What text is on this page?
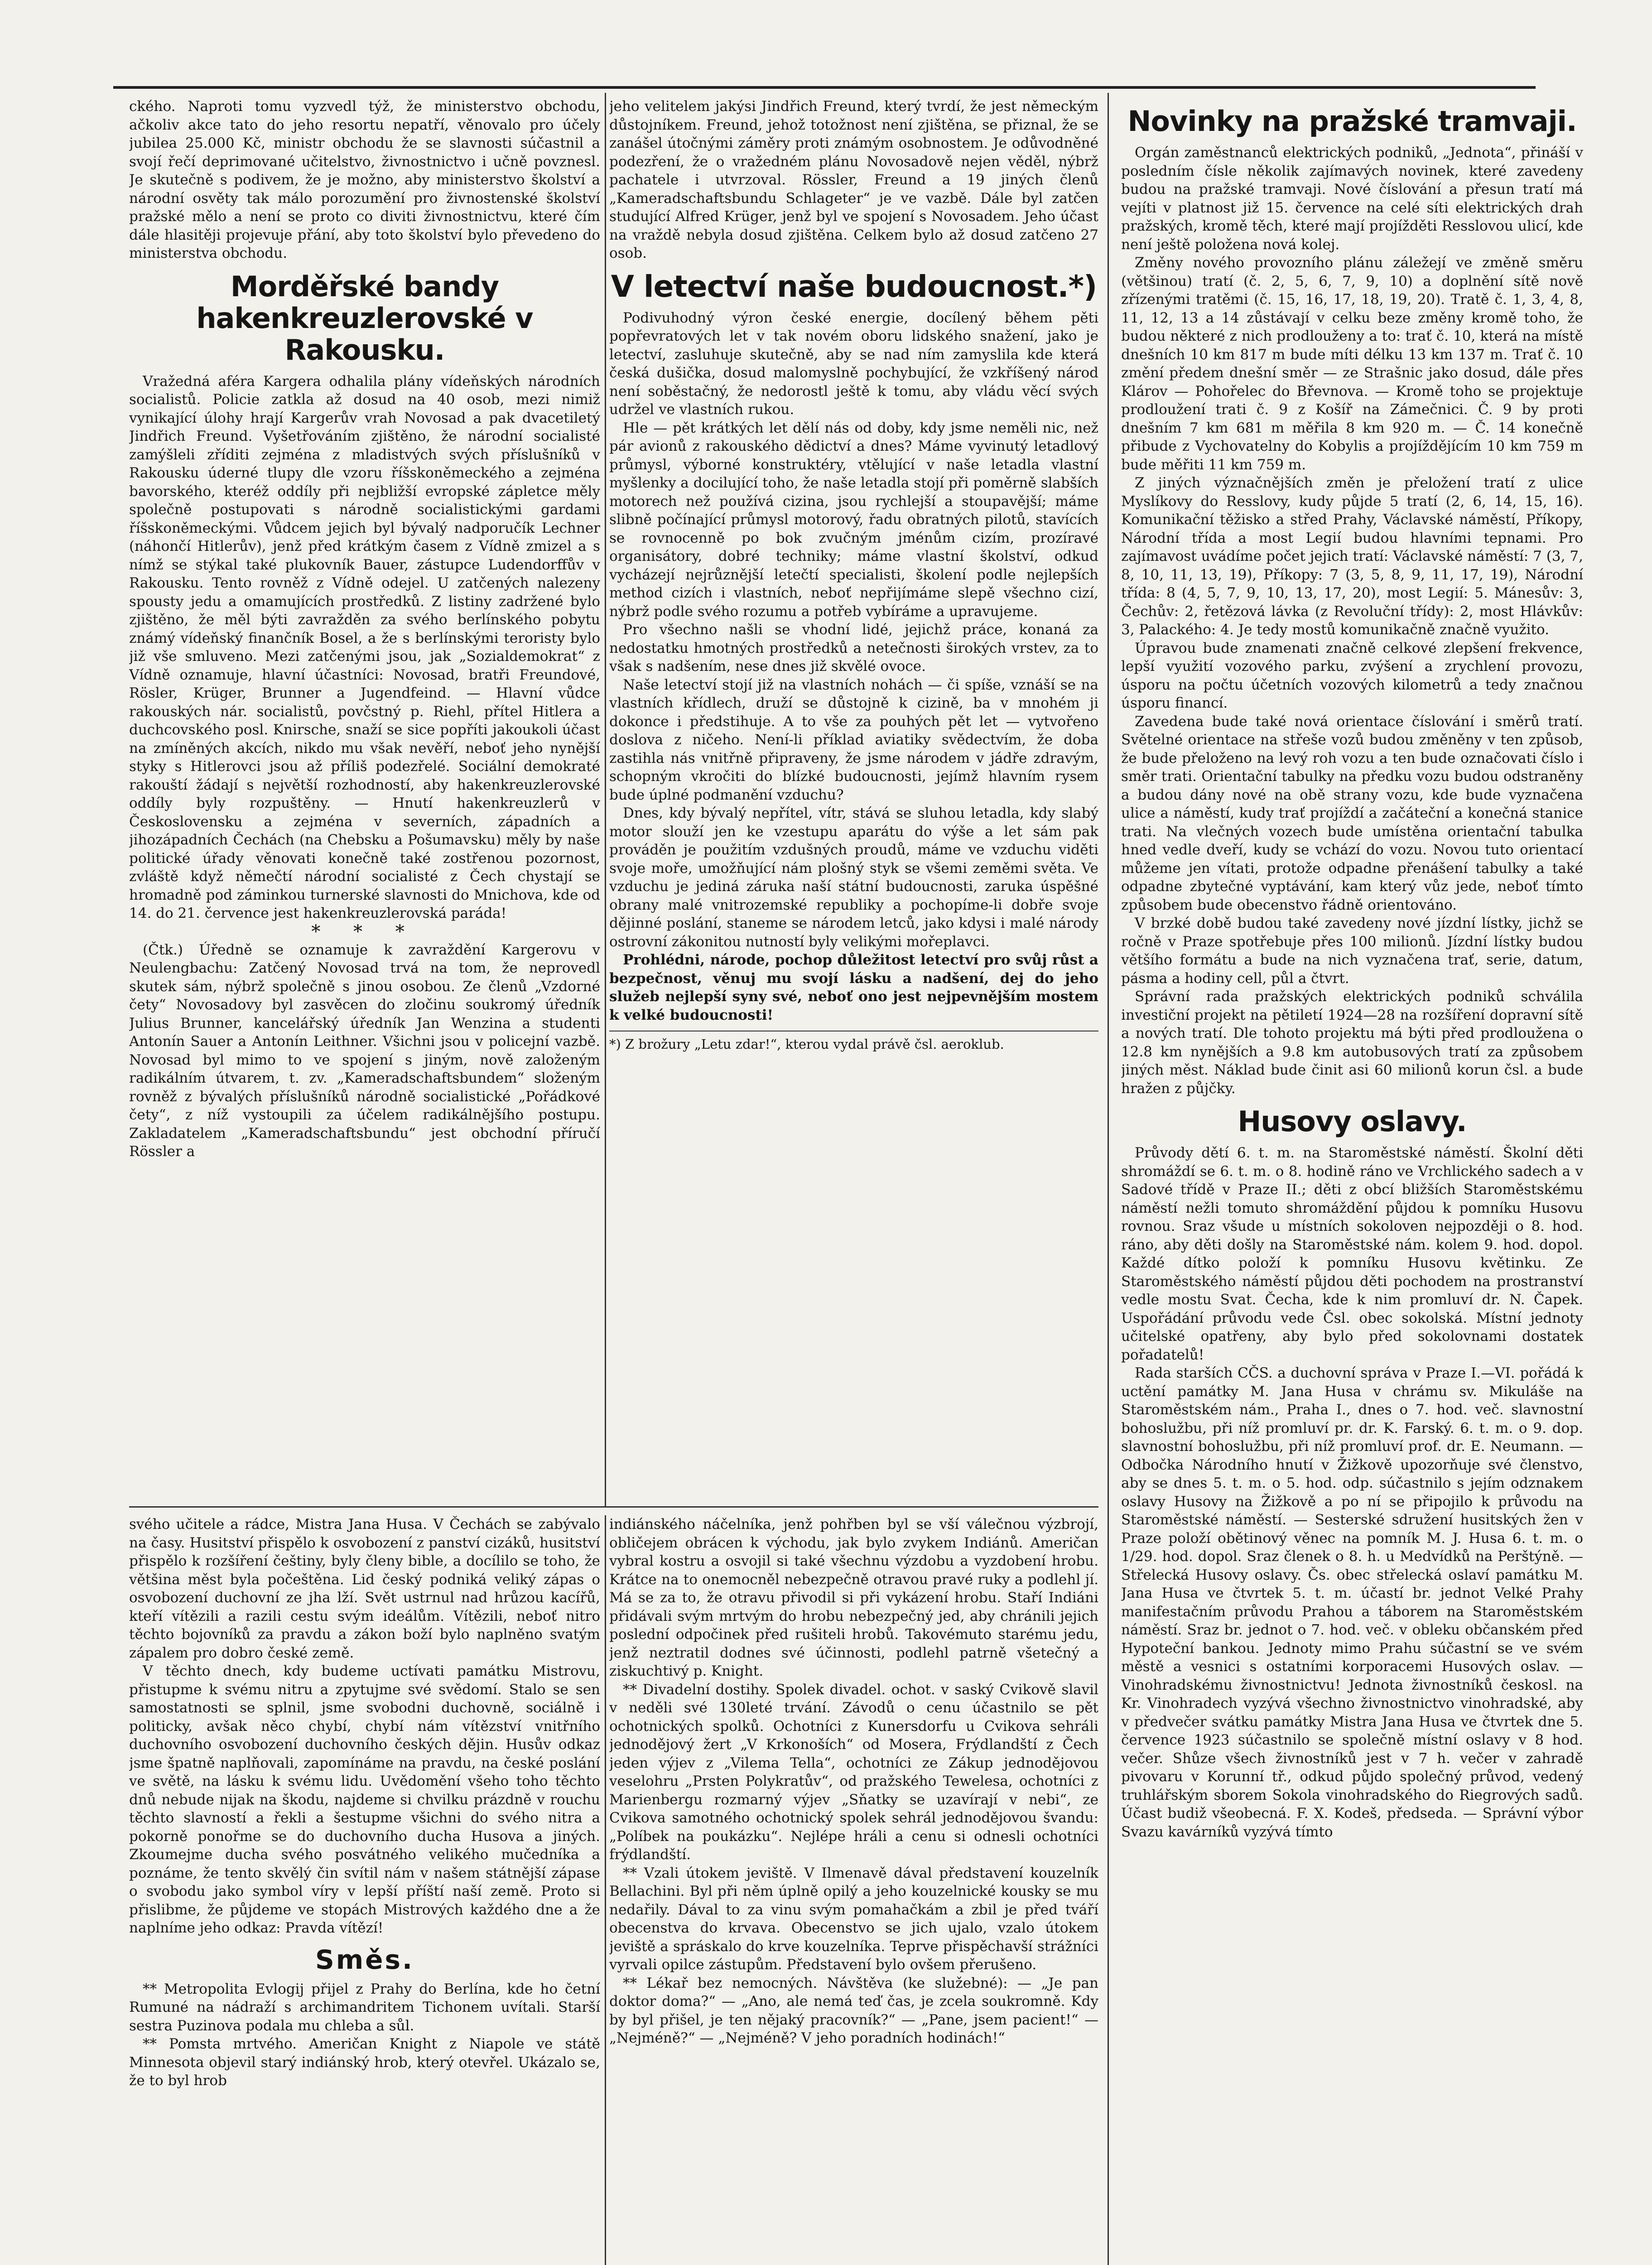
ckého. Naproti tomu vyzvedl týž, že ministerstvo obchodu, ačkoliv akce tato do jeho resortu nepatří, věnovalo pro účely jubilea 25.000 Kč, ministr obchodu že se slavnosti súčastnil a svojí řečí deprimované učitelstvo, živnostnictvo i učně povznesl. Je skutečně s podivem, že je možno, aby ministerstvo školství a národní osvěty tak málo porozumění pro živnostenské školství pražské mělo a není se proto co diviti živnostnictvu, které čím dále hlasitěji projevuje přání, aby toto školství bylo převedeno do ministerstva obchodu.

Morděřské bandy hakenkreuzlerovské v Rakousku.

Vražedná aféra Kargera odhalila plány vídeňských národních socialistů. Policie zatkla až dosud na 40 osob, mezi nimiž vynikající úlohy hrají Kargerův vrah Novosad a pak dvacetiletý Jindřich Freund. Vyšetřováním zjištěno, že národní socialisté zamýšleli zříditi zejména z mladistvých svých příslušníků v Rakousku úderné tlupy dle vzoru říšskoněmeckého a zejména bavorského, kteréž oddíly při nejbližší evropské zápletce měly společně postupovati s národně socialistickými gardami říšskoněmeckými. Vůdcem jejich byl bývalý nadporučík Lechner (náhončí Hitlerův), jenž před krátkým časem z Vídně zmizel a s nímž se stýkal také plukovník Bauer, zástupce Ludendorffův v Rakousku. Tento rovněž z Vídně odejel. U zatčených nalezeny spousty jedu a omamujících prostředků. Z listiny zadržené bylo zjištěno, že měl býti zavražděn za svého berlínského pobytu známý vídeňský finančník Bosel, a že s berlínskými teroristy bylo již vše smluveno. Mezi zatčenými jsou, jak „Sozialdemokrat“ z Vídně oznamuje, hlavní účastníci: Novosad, bratři Freundové, Rösler, Krüger, Brunner a Jugendfeind. — Hlavní vůdce rakouských nár. socialistů, povčstný p. Riehl, přítel Hitlera a duchcovského posl. Knirsche, snaží se sice popříti jakoukoli účast na zmíněných akcích, nikdo mu však nevěří, neboť jeho nynější styky s Hitlerovci jsou až příliš podezřelé. Sociální demokraté rakouští žádají s největší rozhodností, aby hakenkreuzlerovské oddíly byly rozpuštěny. — Hnutí hakenkreuzlerů v Československu a zejména v severních, západních a jihozápadních Čechách (na Chebsku a Pošumavsku) měly by naše politické úřady věnovati konečně také zostřenou pozornost, zvláště když němečtí národní socialisté z Čech chystají se hromadně pod záminkou turnerské slavnosti do Mnichova, kde od 14. do 21. července jest hakenkreuzlerovská paráda!

* * *

(Čtk.) Úředně se oznamuje k zavraždění Kargerovu v Neulengbachu: Zatčený Novosad trvá na tom, že neprovedl skutek sám, nýbrž společně s jinou osobou. Ze členů „Vzdorné čety“ Novosadovy byl zasvěcen do zločinu soukromý úředník Julius Brunner, kancelářský úředník Jan Wenzina a studenti Antonín Sauer a Antonín Leithner. Všichni jsou v policejní vazbě. Novosad byl mimo to ve spojení s jiným, nově založeným radikálním útvarem, t. zv. „Kameradschaftsbundem“ složeným rovněž z bývalých příslušníků národně socialistické „Pořádkové čety“, z níž vystoupili za účelem radikálnějšího postupu. Zakladatelem „Kameradschaftsbundu“ jest obchodní příručí Rössler a

jeho velitelem jakýsi Jindřich Freund, který tvrdí, že jest německým důstojníkem. Freund, jehož totožnost není zjištěna, se přiznal, že se zanášel útočnými záměry proti známým osobnostem. Je odůvodněné podezření, že o vražedném plánu Novosadově nejen věděl, nýbrž pachatele i utvrzoval. Rössler, Freund a 19 jiných členů „Kameradschaftsbundu Schlageter“ je ve vazbě. Dále byl zatčen studující Alfred Krüger, jenž byl ve spojení s Novosadem. Jeho účast na vraždě nebyla dosud zjištěna. Celkem bylo až dosud zatčeno 27 osob.

V letectví naše budoucnost.*)

Podivuhodný výron české energie, docílený během pěti popřevratových let v tak novém oboru lidského snažení, jako je letectví, zasluhuje skutečně, aby se nad ním zamyslila kde která česká dušička, dosud malomyslně pochybující, že vzkříšený národ není soběstačný, že nedorostl ještě k tomu, aby vládu věcí svých udržel ve vlastních rukou.

Hle — pět krátkých let dělí nás od doby, kdy jsme neměli nic, než pár avionů z rakouského dědictví a dnes? Máme vyvinutý letadlový průmysl, výborné konstruktéry, vtělující v naše letadla vlastní myšlenky a docilující toho, že naše letadla stojí při poměrně slabších motorech než používá cizina, jsou rychlejší a stoupavější; máme slibně počínající průmysl motorový, řadu obratných pilotů, stavících se rovnocenně po bok zvučným jménům cizím, prozíravé organisátory, dobré techniky; máme vlastní školství, odkud vycházejí nejrůznější letečtí specialisti, školení podle nejlepších method cizích i vlastních, neboť nepřijímáme slepě všechno cizí, nýbrž podle svého rozumu a potřeb vybíráme a upravujeme.

Pro všechno našli se vhodní lidé, jejichž práce, konaná za nedostatku hmotných prostředků a netečnosti širokých vrstev, za to však s nadšením, nese dnes již skvělé ovoce.

Naše letectví stojí již na vlastních nohách — či spíše, vznáší se na vlastních křídlech, druží se důstojně k cizině, ba v mnohém ji dokonce i předstihuje. A to vše za pouhých pět let — vytvořeno doslova z ničeho. Není-li příklad aviatiky svědectvím, že doba zastihla nás vnitřně připraveny, že jsme národem v jádře zdravým, schopným vkročiti do blízké budoucnosti, jejímž hlavním rysem bude úplné podmanění vzduchu?

Dnes, kdy bývalý nepřítel, vítr, stává se sluhou letadla, kdy slabý motor slouží jen ke vzestupu aparátu do výše a let sám pak prováděn je použitím vzdušných proudů, máme ve vzduchu viděti svoje moře, umožňující nám plošný styk se všemi zeměmi světa. Ve vzduchu je jediná záruka naší státní budoucnosti, zaruka úspěšné obrany malé vnitrozemské republiky a pochopíme-li dobře svoje dějinné poslání, staneme se národem letců, jako kdysi i malé národy ostrovní zákonitou nutností byly velikými mořeplavci.

Prohlédni, národe, pochop důležitost letectví pro svůj růst a bezpečnost, věnuj mu svojí lásku a nadšení, dej do jeho služeb nejlepší syny své, neboť ono jest nejpevnějším mostem k velké budoucnosti!

*) Z brožury „Letu zdar!“, kterou vydal právě čsl. aeroklub.
Novinky na pražské tramvaji.

Orgán zaměstnanců elektrických podniků, „Jednota“, přináší v posledním čísle několik zajímavých novinek, které zavedeny budou na pražské tramvaji. Nové číslování a přesun tratí má vejíti v platnost již 15. července na celé síti elektrických drah pražských, kromě těch, které mají projížděti Resslovou ulicí, kde není ještě položena nová kolej.

Změny nového provozního plánu záležejí ve změně směru (většinou) tratí (č. 2, 5, 6, 7, 9, 10) a doplnění sítě nově zřízenými tratěmi (č. 15, 16, 17, 18, 19, 20). Tratě č. 1, 3, 4, 8, 11, 12, 13 a 14 zůstávají v celku beze změny kromě toho, že budou některé z nich prodlouženy a to: trať č. 10, která na místě dnešních 10 km 817 m bude míti délku 13 km 137 m. Trať č. 10 změní předem dnešní směr — ze Strašnic jako dosud, dále přes Klárov — Pohořelec do Břevnova. — Kromě toho se projektuje prodloužení trati č. 9 z Košíř na Zámečnici. Č. 9 by proti dnešním 7 km 681 m měřila 8 km 920 m. — Č. 14 konečně přibude z Vychovatelny do Kobylis a projíždějícím 10 km 759 m bude měřiti 11 km 759 m.

Z jiných význačnějších změn je přeložení tratí z ulice Myslíkovy do Resslovy, kudy půjde 5 tratí (2, 6, 14, 15, 16). Komunikační těžisko a střed Prahy, Václavské náměstí, Příkopy, Národní třída a most Legií budou hlavními tepnami. Pro zajímavost uvádíme počet jejich tratí: Václavské náměstí: 7 (3, 7, 8, 10, 11, 13, 19), Příkopy: 7 (3, 5, 8, 9, 11, 17, 19), Národní třída: 8 (4, 5, 7, 9, 10, 13, 17, 20), most Legií: 5. Mánesův: 3, Čechův: 2, řetězová lávka (z Revoluční třídy): 2, most Hlávkův: 3, Palackého: 4. Je tedy mostů komunikačně značně využito.

Úpravou bude znamenati značně celkové zlepšení frekvence, lepší využití vozového parku, zvýšení a zrychlení provozu, úsporu na počtu účetních vozových kilometrů a tedy značnou úsporu financí.

Zavedena bude také nová orientace číslování i směrů tratí. Světelné orientace na střeše vozů budou změněny v ten způsob, že bude přeloženo na levý roh vozu a ten bude označovati číslo i směr trati. Orientační tabulky na předku vozu budou odstraněny a budou dány nové na obě strany vozu, kde bude vyznačena ulice a náměstí, kudy trať projíždí a začáteční a konečná stanice trati. Na vlečných vozech bude umístěna orientační tabulka hned vedle dveří, kudy se vchází do vozu. Novou tuto orientací můžeme jen vítati, protože odpadne přenášení tabulky a také odpadne zbytečné vyptávání, kam který vůz jede, neboť tímto způsobem bude obecenstvo řádně orientováno.

V brzké době budou také zavedeny nové jízdní lístky, jichž se ročně v Praze spotřebuje přes 100 milionů. Jízdní lístky budou většího formátu a bude na nich vyznačena trať, serie, datum, pásma a hodiny cell, půl a čtvrt.

Správní rada pražských elektrických podniků schválila investiční projekt na pětiletí 1924—28 na rozšíření dopravní sítě a nových tratí. Dle tohoto projektu má býti před prodloužena o 12.8 km nynějších a 9.8 km autobusových tratí za způsobem jiných měst. Náklad bude činit asi 60 milionů korun čsl. a bude hražen z půjčky.

Husovy oslavy.

Průvody dětí 6. t. m. na Staroměstské náměstí. Školní děti shromáždí se 6. t. m. o 8. hodině ráno ve Vrchlického sadech a v Sadové třídě v Praze II.; děti z obcí bližších Staroměstskému náměstí nežli tomuto shromáždění půjdou k pomníku Husovu rovnou. Sraz všude u místních sokoloven nejpozději o 8. hod. ráno, aby děti došly na Staroměstské nám. kolem 9. hod. dopol. Každé dítko položí k pomníku Husovu květinku. Ze Staroměstského náměstí půjdou děti pochodem na prostranství vedle mostu Svat. Čecha, kde k nim promluví dr. N. Čapek. Uspořádání průvodu vede Čsl. obec sokolská. Místní jednoty učitelské opatřeny, aby bylo před sokolovnami dostatek pořadatelů!

Rada starších CČS. a duchovní správa v Praze I.—VI. pořádá k uctění památky M. Jana Husa v chrámu sv. Mikuláše na Staroměstském nám., Praha I., dnes o 7. hod. več. slavnostní bohoslužbu, při níž promluví pr. dr. K. Farský. 6. t. m. o 9. dop. slavnostní bohoslužbu, při níž promluví prof. dr. E. Neumann. — Odbočka Národního hnutí v Žižkově upozorňuje své členstvo, aby se dnes 5. t. m. o 5. hod. odp. súčastnilo s jejím odznakem oslavy Husovy na Žižkově a po ní se připojilo k průvodu na Staroměstské náměstí. — Sesterské sdružení husitských žen v Praze položí obětinový věnec na pomník M. J. Husa 6. t. m. o 1/29. hod. dopol. Sraz členek o 8. h. u Medvídků na Perštýně. — Střelecká Husovy oslavy. Čs. obec střelecká oslaví památku M. Jana Husa ve čtvrtek 5. t. m. účastí br. jednot Velké Prahy manifestačním průvodu Prahou a táborem na Staroměstském náměstí. Sraz br. jednot o 7. hod. več. v obleku občanském před Hypoteční bankou. Jednoty mimo Prahu súčastní se ve svém městě a vesnici s ostatními korporacemi Husových oslav. — Vinohradskému živnostnictvu! Jednota živnostníků českosl. na Kr. Vinohradech vyzývá všechno živnostnictvo vinohradské, aby v předvečer svátku památky Mistra Jana Husa ve čtvrtek dne 5. července 1923 súčastnilo se společně místní oslavy v 8 hod. večer. Shůze všech živnostníků jest v 7 h. večer v zahradě pivovaru v Korunní tř., odkud půjdo společný průvod, vedený truhlářským sborem Sokola vinohradského do Riegrových sadů. Účast budiž všeobecná. F. X. Kodeš, předseda. — Správní výbor Svazu kavárníků vyzývá tímto

svého učitele a rádce, Mistra Jana Husa. V Čechách se zabývalo na časy. Husitství přispělo k osvobození z panství cizáků, husitství přispělo k rozšíření češtiny, byly členy bible, a docílilo se toho, že většina měst byla počeštěna. Lid český podniká veliký zápas o osvobození duchovní ze jha lží. Svět ustrnul nad hrůzou kacířů, kteří vítězili a razili cestu svým ideálům. Vítězili, neboť nitro těchto bojovníků za pravdu a zákon boží bylo naplněno svatým zápalem pro dobro české země.

V těchto dnech, kdy budeme uctívati památku Mistrovu, přistupme k svému nitru a zpytujme své svědomí. Stalo se sen samostatnosti se splnil, jsme svobodni duchovně, sociálně i politicky, avšak něco chybí, chybí nám vítězství vnitřního duchovního osvobození duchovního českých dějin. Husův odkaz jsme špatně naplňovali, zapomínáme na pravdu, na české poslání ve světě, na lásku k svému lidu. Uvědomění všeho toho těchto dnů nebude nijak na škodu, najdeme si chvilku prázdně v rouchu těchto slavností a řekli a šestupme všichni do svého nitra a pokorně ponořme se do duchovního ducha Husova a jiných. Zkoumejme ducha svého posvátného velikého mučedníka a poznáme, že tento skvělý čin svítil nám v našem státnější zápase o svobodu jako symbol víry v lepší příští naší země. Proto si přislibme, že půjdeme ve stopách Mistrových každého dne a že naplníme jeho odkaz: Pravda vítězí!

Směs.

** Metropolita Evlogij přijel z Prahy do Berlína, kde ho četní Rumuné na nádraží s archimandritem Tichonem uvítali. Starší sestra Puzinova podala mu chleba a sůl.

** Pomsta mrtvého. Američan Knight z Niapole ve státě Minnesota objevil starý indiánský hrob, který otevřel. Ukázalo se, že to byl hrob

indiánského náčelníka, jenž pohřben byl se vší válečnou výzbrojí, obličejem obrácen k východu, jak bylo zvykem Indiánů. Američan vybral kostru a osvojil si také všechnu výzdobu a vyzdobení hrobu. Krátce na to onemocněl nebezpečně otravou pravé ruky a podlehl jí. Má se za to, že otravu přivodil si při vykázení hrobu. Staří Indiáni přidávali svým mrtvým do hrobu nebezpečný jed, aby chránili jejich poslední odpočinek před rušiteli hrobů. Takovémuto starému jedu, jenž neztratil dodnes své účinnosti, podlehl patrně všetečný a ziskuchtivý p. Knight.

** Divadelní dostihy. Spolek divadel. ochot. v saský Cvikově slavil v neděli své 130leté trvání. Závodů o cenu účastnilo se pět ochotnických spolků. Ochotníci z Kunersdorfu u Cvikova sehráli jednodějový žert „V Krkonoších“ od Mosera, Frýdlandští z Čech jeden výjev z „Vilema Tella“, ochotníci ze Zákup jednodějovou veselohru „Prsten Polykratův“, od pražského Tewelesa, ochotníci z Marienbergu rozmarný výjev „Sňatky se uzavírají v nebi“, ze Cvikova samotného ochotnický spolek sehrál jednodějovou švandu: „Políbek na poukázku“. Nejlépe hráli a cenu si odnesli ochotníci frýdlandští.

** Vzali útokem jeviště. V Ilmenavě dával představení kouzelník Bellachini. Byl při něm úplně opilý a jeho kouzelnické kousky se mu nedařily. Dával to za vinu svým pomahačkám a zbil je před tváří obecenstva do krvava. Obecenstvo se jich ujalo, vzalo útokem jeviště a spráskalo do krve kouzelníka. Teprve přispěchavší strážníci vyrvali opilce zástupům. Představení bylo ovšem přerušeno.

** Lékař bez nemocných. Návštěva (ke služebné): — „Je pan doktor doma?“ — „Ano, ale nemá teď čas, je zcela soukromně. Kdy by byl přišel, je ten nějaký pracovník?“ — „Pane, jsem pacient!“ — „Nejméně?“ — „Nejméně? V jeho poradních hodinách!“
